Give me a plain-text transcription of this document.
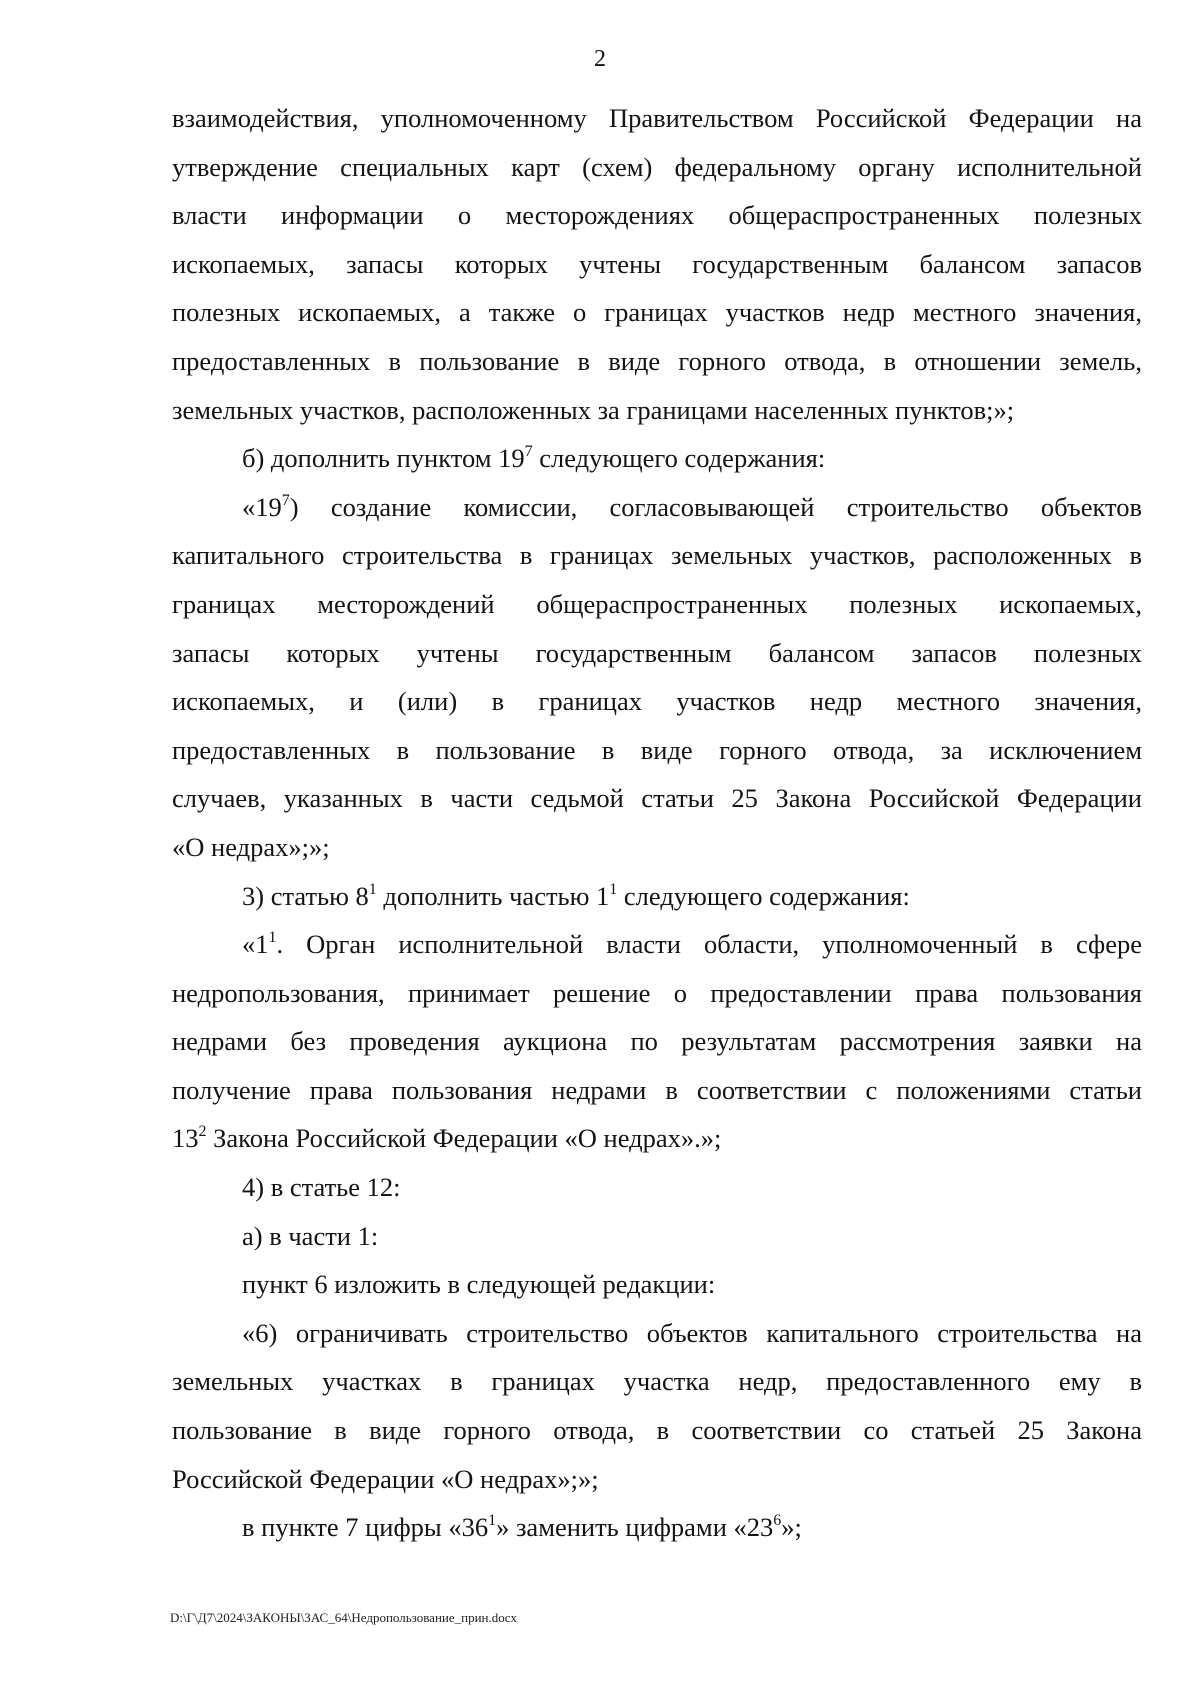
2
взаимодействия, уполномоченному Правительством Российской Федерации на
утверждение специальных карт (схем) федеральному органу исполнительной
власти информации о месторождениях общераспространенных полезных
ископаемых, запасы которых учтены государственным балансом запасов
полезных ископаемых, а также о границах участков недр местного значения,
предоставленных в пользование в виде горного отвода, в отношении земель,
земельных участков, расположенных за границами населенных пунктов;»;
б) дополнить пунктом $19^7$ следующего содержания:
«$19^7$) создание комиссии, согласовывающей строительство объектов
капитального строительства в границах земельных участков, расположенных в
границах месторождений общераспространенных полезных ископаемых,
запасы которых учтены государственным балансом запасов полезных
ископаемых, и (или) в границах участков недр местного значения,
предоставленных в пользование в виде горного отвода, за исключением
случаев, указанных в части седьмой статьи 25 Закона Российской Федерации
«О недрах»;»;
3) статью $8^1$ дополнить частью $1^1$ следующего содержания:
«$1^1$. Орган исполнительной власти области, уполномоченный в сфере
недропользования, принимает решение о предоставлении права пользования
недрами без проведения аукциона по результатам рассмотрения заявки на
получение права пользования недрами в соответствии с положениями статьи
$13^2$ Закона Российской Федерации «О недрах».»;
4) в статье 12:
а) в части 1:
пункт 6 изложить в следующей редакции:
«6) ограничивать строительство объектов капитального строительства на
земельных участках в границах участка недр, предоставленного ему в
пользование в виде горного отвода, в соответствии со статьей 25 Закона
Российской Федерации «О недрах»;»;
в пункте 7 цифры «$36^1$» заменить цифрами «$23^6$»;
D:\Г\Д7\2024\ЗАКОНЫ\ЗАС_64\Недропользование_прин.docx
